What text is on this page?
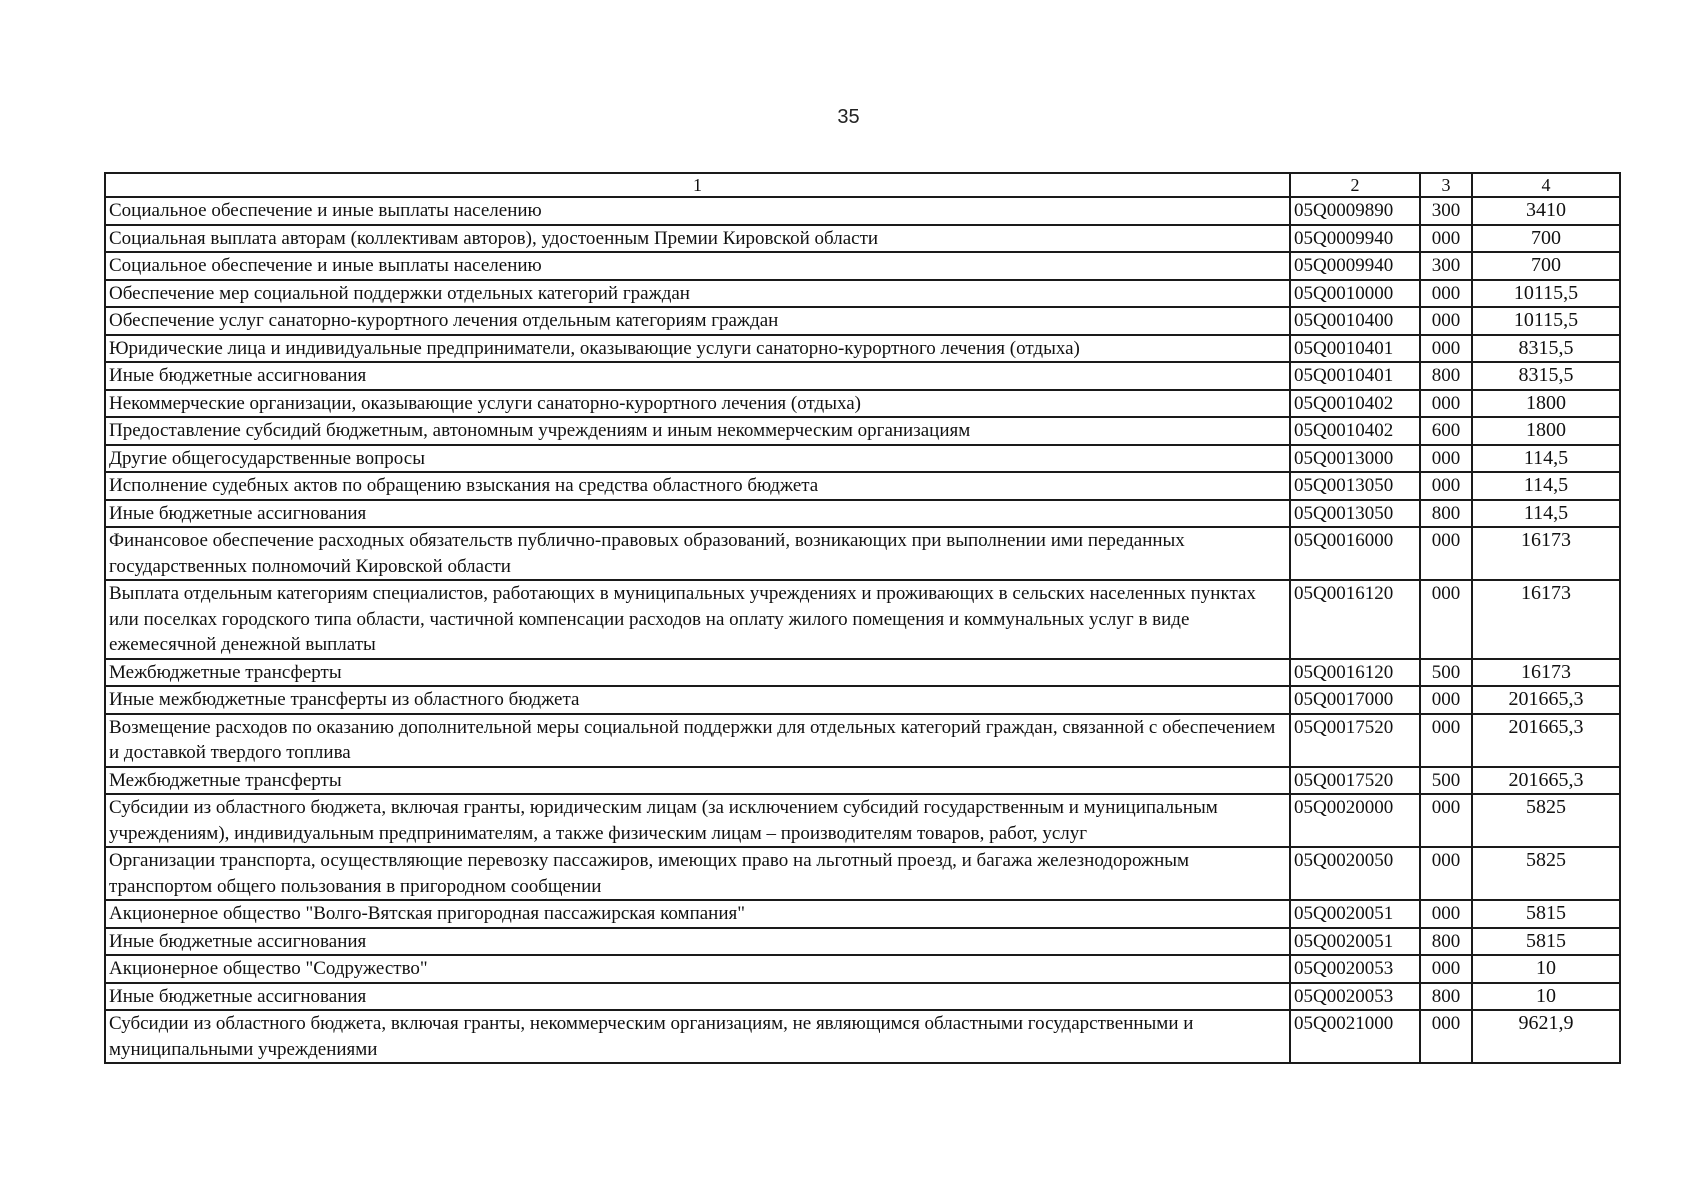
35
1	2	3	4
Социальное обеспечение и иные выплаты населению	05Q0009890	300	3410
Социальная выплата авторам (коллективам авторов), удостоенным Премии Кировской области	05Q0009940	000	700
Социальное обеспечение и иные выплаты населению	05Q0009940	300	700
Обеспечение мер социальной поддержки отдельных категорий граждан	05Q0010000	000	10115,5
Обеспечение услуг санаторно-курортного лечения отдельным категориям граждан	05Q0010400	000	10115,5
Юридические лица и индивидуальные предприниматели, оказывающие услуги санаторно-курортного лечения (отдыха)	05Q0010401	000	8315,5
Иные бюджетные ассигнования	05Q0010401	800	8315,5
Некоммерческие организации, оказывающие услуги санаторно-курортного лечения (отдыха)	05Q0010402	000	1800
Предоставление субсидий бюджетным, автономным учреждениям и иным некоммерческим организациям	05Q0010402	600	1800
Другие общегосударственные вопросы	05Q0013000	000	114,5
Исполнение судебных актов по обращению взыскания на средства областного бюджета	05Q0013050	000	114,5
Иные бюджетные ассигнования	05Q0013050	800	114,5
Финансовое обеспечение расходных обязательств публично-правовых образований, возникающих при выполнении ими переданных государственных полномочий Кировской области	05Q0016000	000	16173
Выплата отдельным категориям специалистов, работающих в муниципальных учреждениях и проживающих в сельских населенных пунктах или поселках городского типа области, частичной компенсации расходов на оплату жилого помещения и коммунальных услуг в виде ежемесячной денежной выплаты	05Q0016120	000	16173
Межбюджетные трансферты	05Q0016120	500	16173
Иные межбюджетные трансферты из областного бюджета	05Q0017000	000	201665,3
Возмещение расходов по оказанию дополнительной меры социальной поддержки для отдельных категорий граждан, связанной с обеспечением и доставкой твердого топлива	05Q0017520	000	201665,3
Межбюджетные трансферты	05Q0017520	500	201665,3
Субсидии из областного бюджета, включая гранты, юридическим лицам (за исключением субсидий государственным и муниципальным учреждениям), индивидуальным предпринимателям, а также физическим лицам – производителям товаров, работ, услуг	05Q0020000	000	5825
Организации транспорта, осуществляющие перевозку пассажиров, имеющих право на льготный проезд, и багажа железнодорожным транспортом общего пользования в пригородном сообщении	05Q0020050	000	5825
Акционерное общество "Волго-Вятская пригородная пассажирская компания"	05Q0020051	000	5815
Иные бюджетные ассигнования	05Q0020051	800	5815
Акционерное общество "Содружество"	05Q0020053	000	10
Иные бюджетные ассигнования	05Q0020053	800	10
Субсидии из областного бюджета, включая гранты, некоммерческим организациям, не являющимся областными государственными и муниципальными учреждениями	05Q0021000	000	9621,9
